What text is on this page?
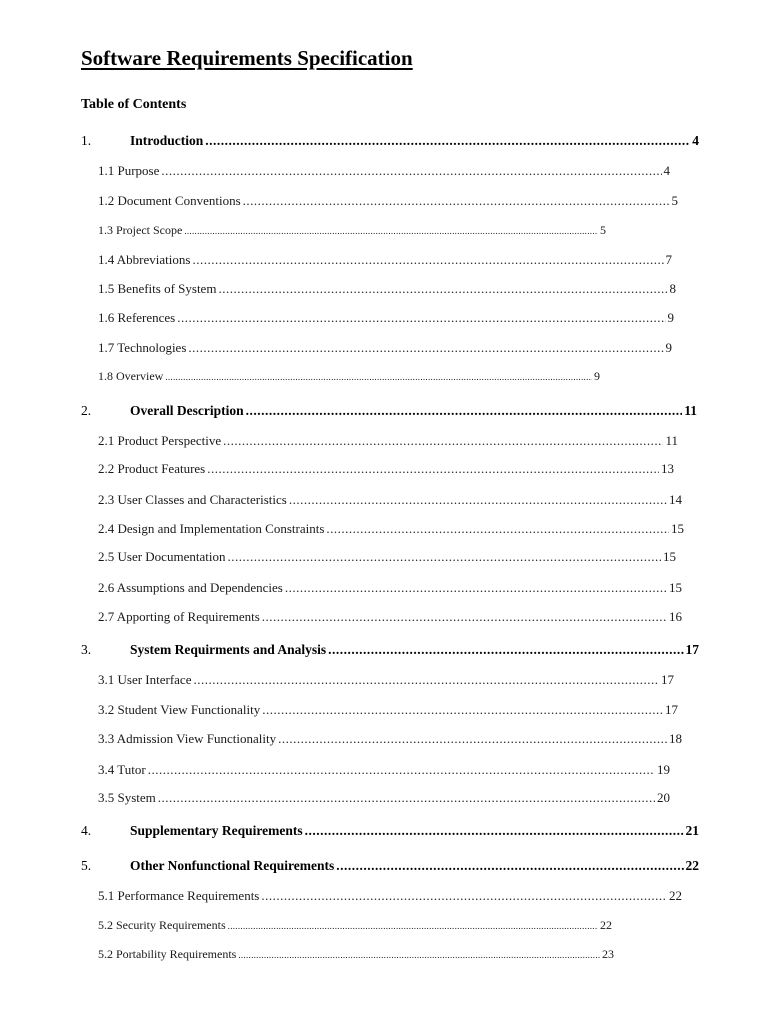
Software Requirements Specification
Table of Contents
1.	Introduction .....	4
1.1 Purpose .....	4
1.2 Document Conventions .....	5
1.3 Project Scope .....	5
1.4 Abbreviations .....	7
1.5 Benefits of System .....	8
1.6 References .....	9
1.7 Technologies .....	9
1.8 Overview .....	9
2.	Overall Description .....	11
2.1 Product Perspective .....	11
2.2 Product Features .....	13
2.3 User Classes and Characteristics .....	14
2.4 Design and Implementation Constraints .....	15
2.5 User Documentation .....	15
2.6 Assumptions and Dependencies .....	15
2.7 Apporting of Requirements .....	16
3.	System Requirments and Analysis .....	17
3.1 User Interface .....	17
3.2 Student View Functionality .....	17
3.3 Admission View Functionality .....	18
3.4 Tutor .....	19
3.5 System .....	20
4.	Supplementary Requirements .....	21
5.	Other Nonfunctional Requirements .....	22
5.1 Performance Requirements .....	22
5.2 Security Requirements .....	22
5.2 Portability Requirements .....	23
